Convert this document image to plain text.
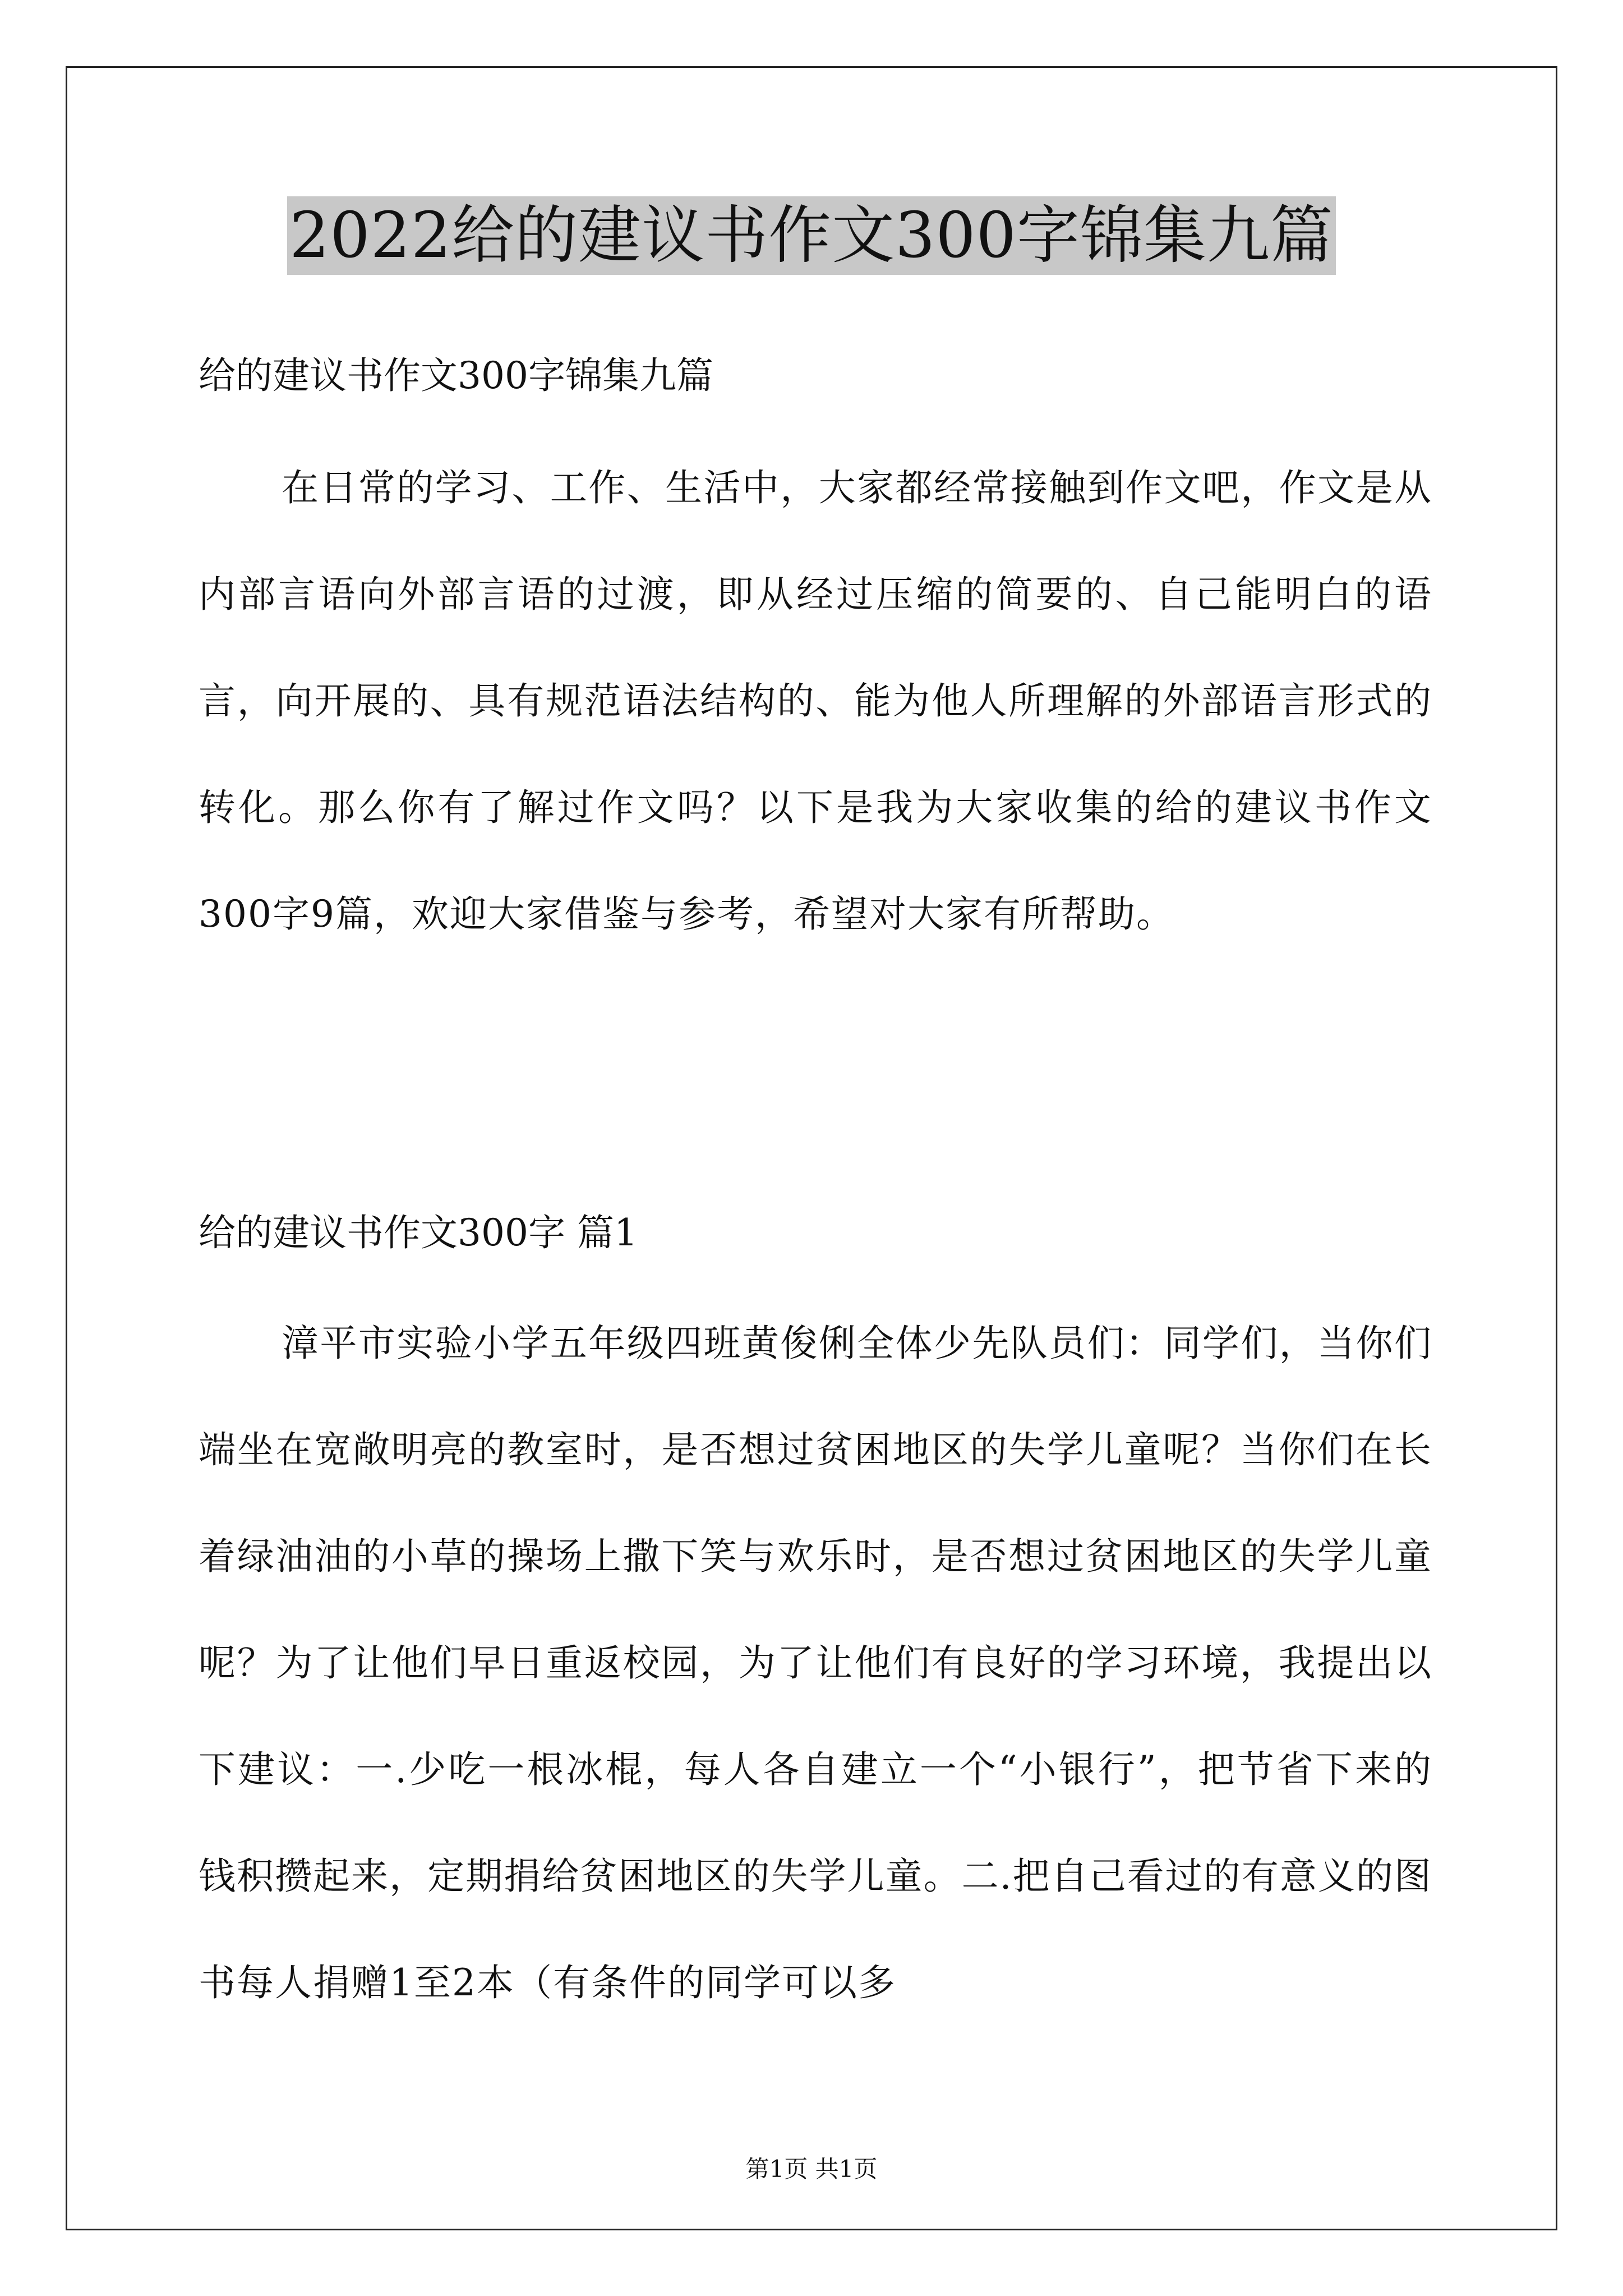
2022给的建议书作文300字锦集九篇
给的建议书作文300字锦集九篇

在日常的学习、工作、生活中，大家都经常接触到作文吧，作文是从内部言语向外部言语的过渡，即从经过压缩的简要的、自己能明白的语言，向开展的、具有规范语法结构的、能为他人所理解的外部语言形式的转化。那么你有了解过作文吗？以下是我为大家收集的给的建议书作文300字9篇，欢迎大家借鉴与参考，希望对大家有所帮助。

给的建议书作文300字 篇1

漳平市实验小学五年级四班黄俊俐全体少先队员们：同学们，当你们端坐在宽敞明亮的教室时，是否想过贫困地区的失学儿童呢？当你们在长着绿油油的小草的操场上撒下笑与欢乐时，是否想过贫困地区的失学儿童呢？为了让他们早日重返校园，为了让他们有良好的学习环境，我提出以下建议：一.少吃一根冰棍，每人各自建立一个“小银行”，把节省下来的钱积攒起来，定期捐给贫困地区的失学儿童。二.把自己看过的有意义的图书每人捐赠1至2本（有条件的同学可以多

第1页 共1页
